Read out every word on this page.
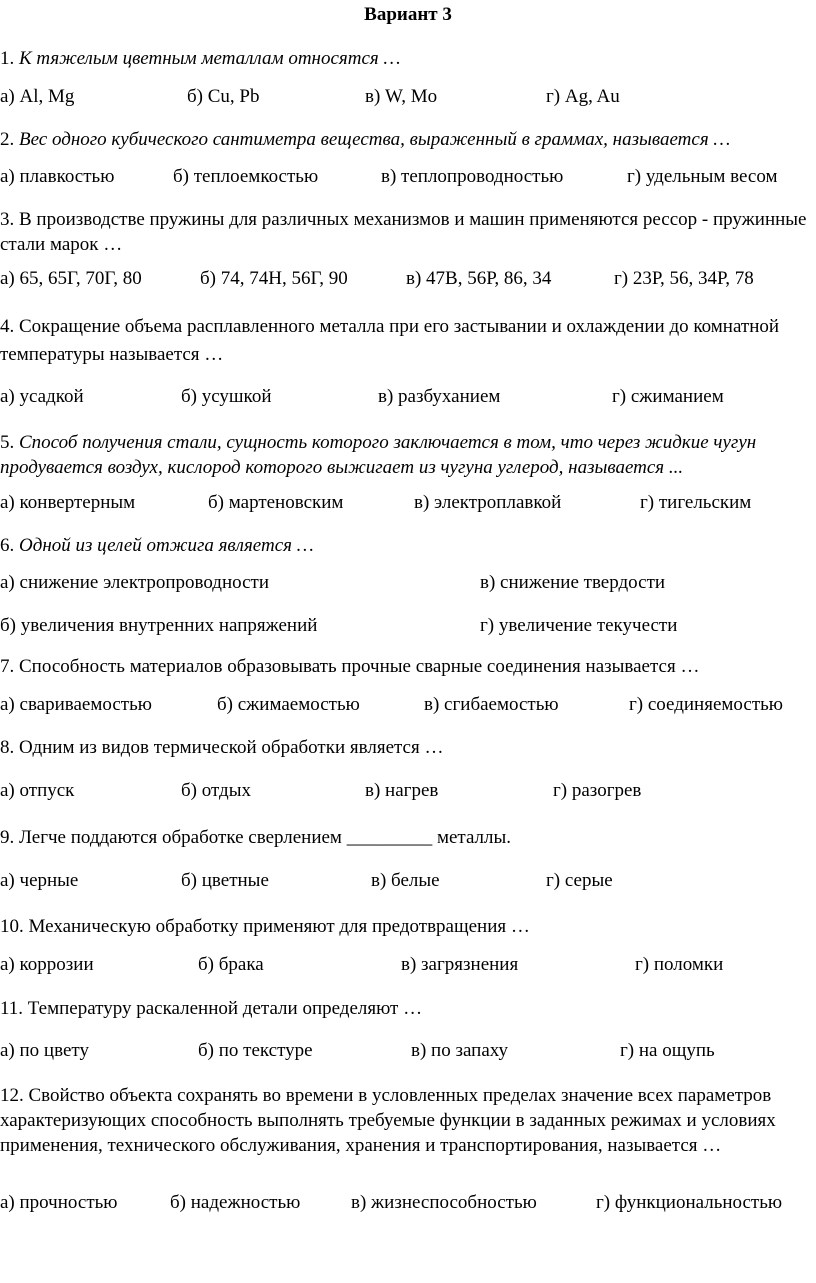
Вариант 3
1. К тяжелым цветным металлам относятся …
а) Al, Mg	б) Cu, Pb	в) W, Mo	г) Ag, Au
2. Вес одного кубического сантиметра вещества, выраженный в граммах, называется …
а) плавкостью	б) теплоемкостью	в) теплопроводностью	г) удельным весом
3. В производстве пружины для различных механизмов и машин применяются рессор - пружинные стали марок …
а) 65, 65Г, 70Г, 80	б) 74, 74Н, 56Г, 90	в) 47В, 56Р, 86, 34	г) 23Р, 56, 34Р, 78
4. Сокращение объема расплавленного металла при его застывании и охлаждении до комнатной температуры называется …
а) усадкой	б) усушкой	в) разбуханием	г) сжиманием
5. Способ получения стали, сущность которого заключается в том, что через жидкие чугун продувается воздух, кислород которого выжигает из чугуна углерод, называется ...
а) конвертерным	б) мартеновским	в) электроплавкой	г) тигельским
6. Одной из целей отжига является …
а) снижение электропроводности	в) снижение твердости
б) увеличения внутренних напряжений	г) увеличение текучести
7. Способность материалов образовывать прочные сварные соединения называется …
а) свариваемостью	б) сжимаемостью	в) сгибаемостью	г) соединяемостью
8. Одним из видов термической обработки является …
а) отпуск	б) отдых	в) нагрев	г) разогрев
9. Легче поддаются обработке сверлением _________ металлы.
а) черные	б) цветные	в) белые	г) серые
10. Механическую обработку применяют для предотвращения …
а) коррозии	б) брака	в) загрязнения	г) поломки
11. Температуру раскаленной детали определяют …
а) по цвету	б) по текстуре	в) по запаху	г) на ощупь
12. Свойство объекта сохранять во времени в условленных пределах значение всех параметров характеризующих способность выполнять требуемые функции в заданных режимах и условиях применения, технического обслуживания, хранения и транспортирования, называется …
а) прочностью	б) надежностью	в) жизнеспособностью	г) функциональностью
